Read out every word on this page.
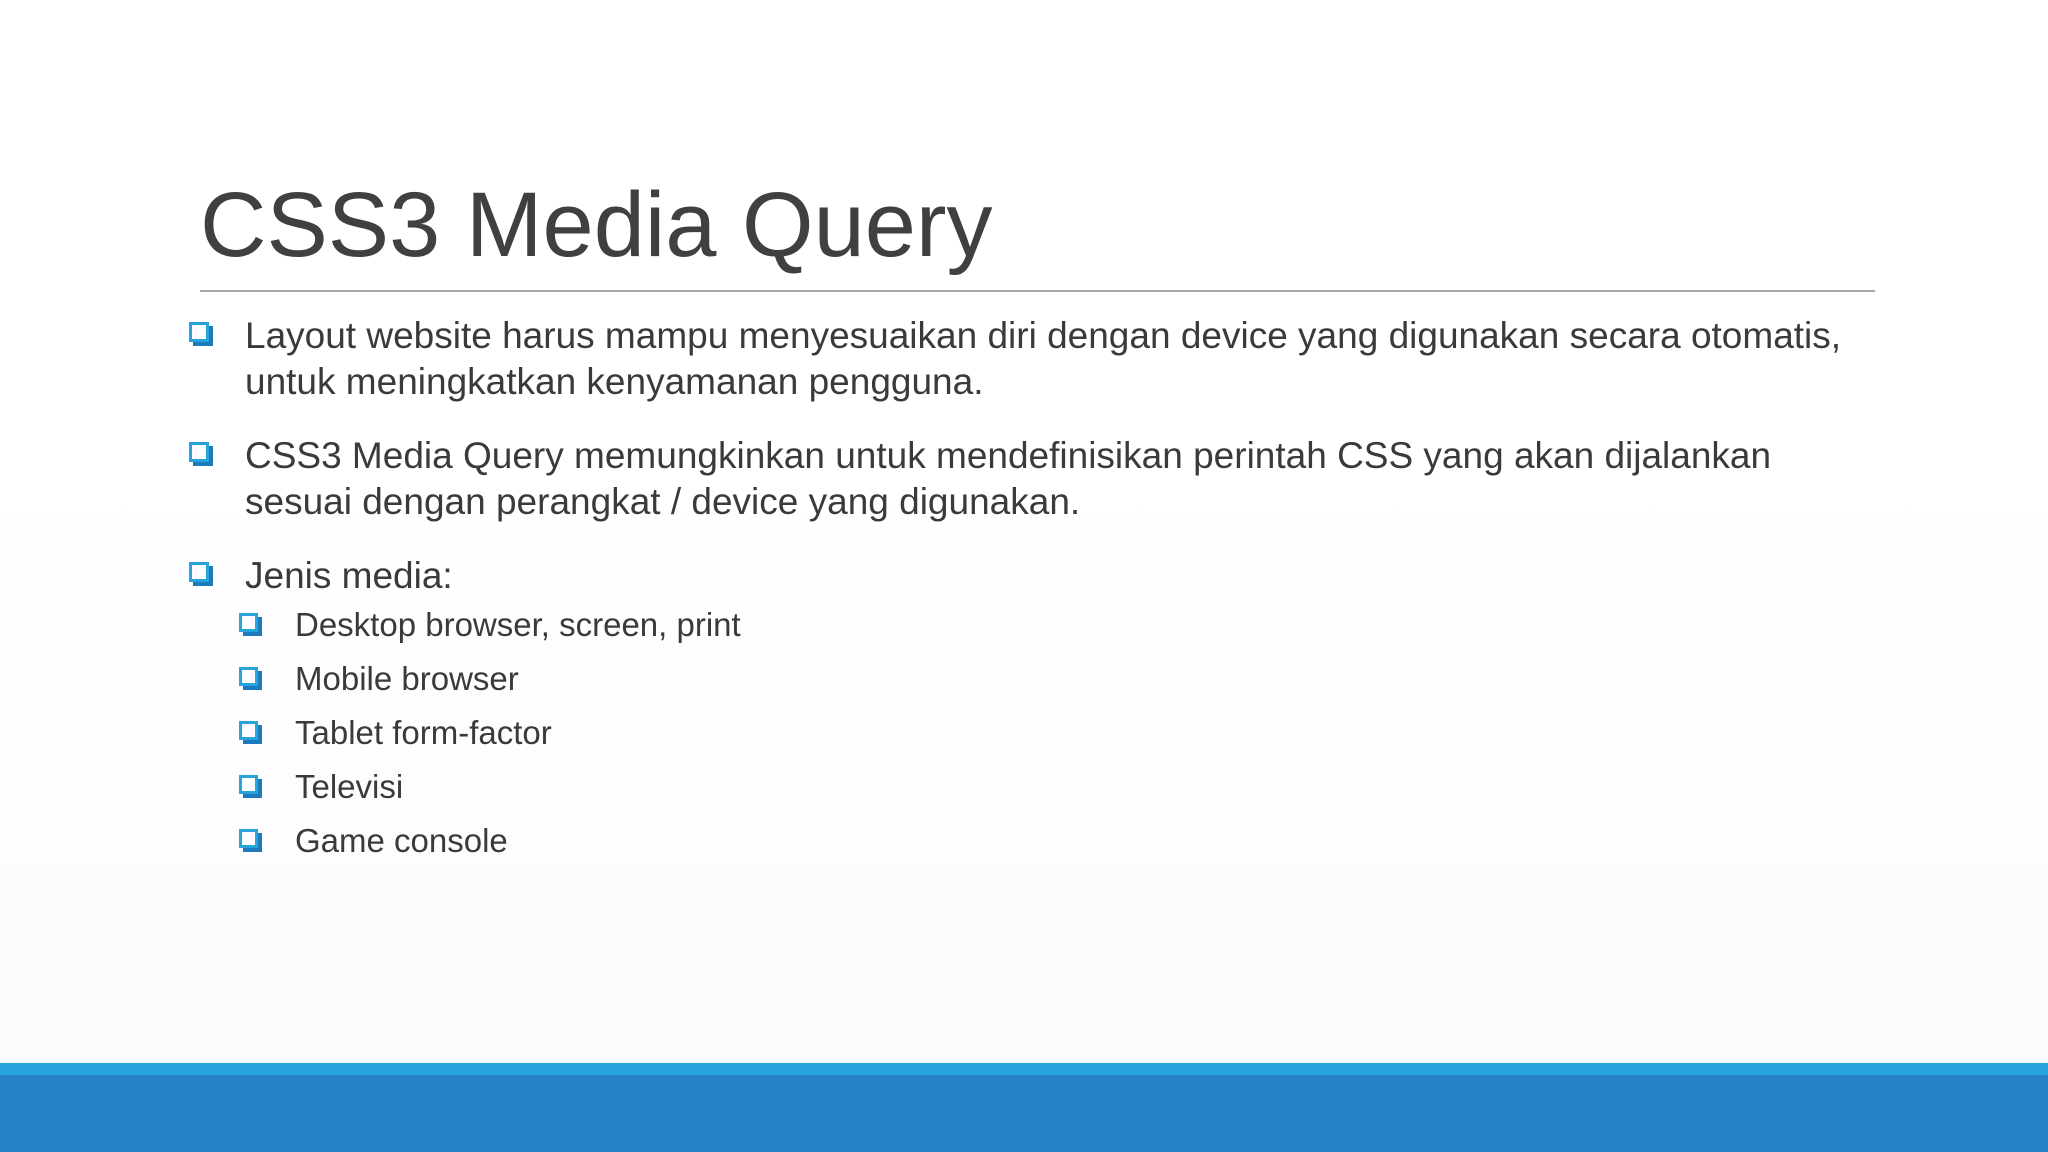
CSS3 Media Query
Layout website harus mampu menyesuaikan diri dengan device yang digunakan secara otomatis, untuk meningkatkan kenyamanan pengguna.
CSS3 Media Query memungkinkan untuk mendefinisikan perintah CSS yang akan dijalankan sesuai dengan perangkat / device yang digunakan.
Jenis media:
Desktop browser, screen, print
Mobile browser
Tablet form-factor
Televisi
Game console
